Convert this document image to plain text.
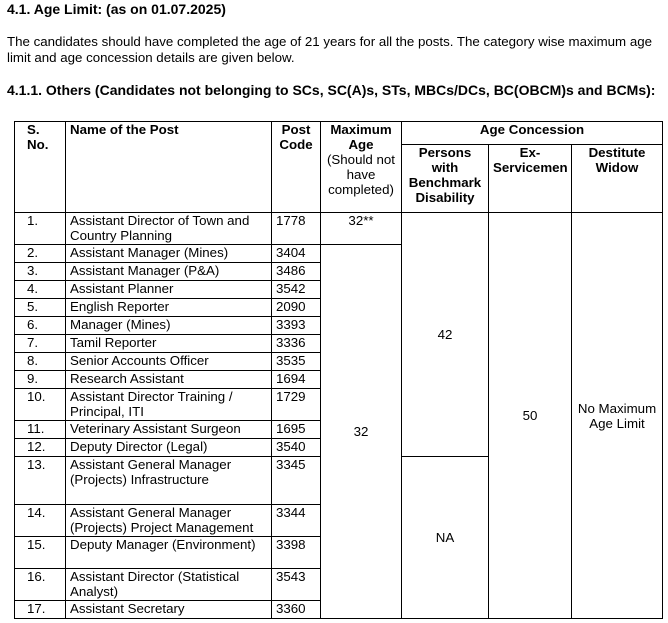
4.1. Age Limit: (as on 01.07.2025)
The candidates should have completed the age of 21 years for all the posts. The category wise maximum age limit and age concession details are given below.
4.1.1. Others (Candidates not belonging to SCs, SC(A)s, STs, MBCs/DCs, BC(OBCM)s and BCMs):
S. No.	Name of the Post	Post Code	Maximum Age (Should not have completed)	Age Concession		
				Persons with Benchmark Disability	Ex-Servicemen	Destitute Widow
1.	Assistant Director of Town and Country Planning	1778	32**	42	50	No Maximum Age Limit
2.	Assistant Manager (Mines)	3404	32			
3.	Assistant Manager (P&A)	3486				
4.	Assistant Planner	3542				
5.	English Reporter	2090				
6.	Manager (Mines)	3393				
7.	Tamil Reporter	3336				
8.	Senior Accounts Officer	3535				
9.	Research Assistant	1694				
10.	Assistant Director Training / Principal, ITI	1729				
11.	Veterinary Assistant Surgeon	1695				
12.	Deputy Director (Legal)	3540				
13.	Assistant General Manager (Projects) Infrastructure	3345		NA		
14.	Assistant General Manager (Projects) Project Management	3344				
15.	Deputy Manager (Environment)	3398				
16.	Assistant Director (Statistical Analyst)	3543				
17.	Assistant Secretary	3360				
